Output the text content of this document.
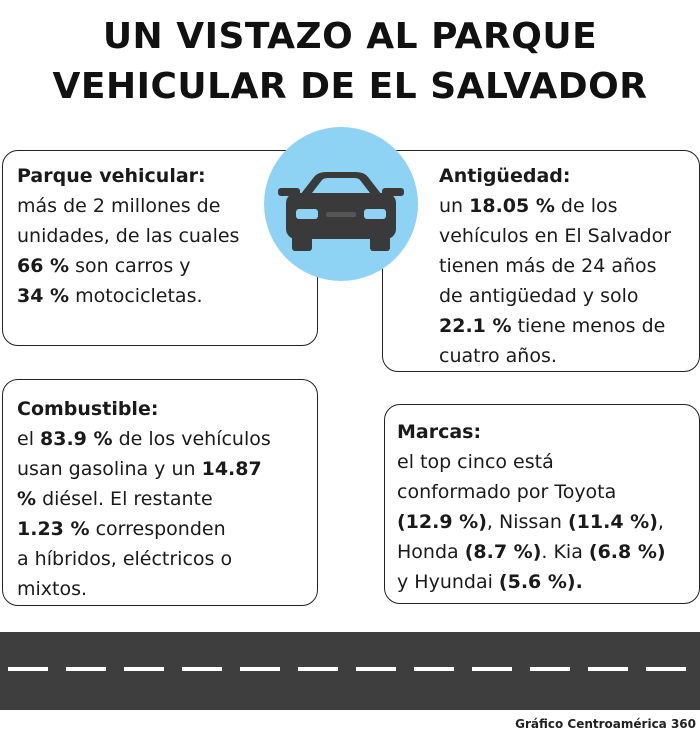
UN VISTAZO AL PARQUE
VEHICULAR DE EL SALVADOR
Parque vehicular:
más de 2 millones de
unidades, de las cuales
66 % son carros y
34 % motocicletas.
Antigüedad:
un 18.05 % de los
vehículos en El Salvador
tienen más de 24 años
de antigüedad y solo
22.1 % tiene menos de
cuatro años.
Combustible:
el 83.9 % de los vehículos
usan gasolina y un 14.87
% diésel. El restante
1.23 % corresponden
a híbridos, eléctricos o
mixtos.
Marcas:
el top cinco está
conformado por Toyota
(12.9 %), Nissan (11.4 %),
Honda (8.7 %). Kia (6.8 %)
y Hyundai (5.6 %).
Gráfico Centroamérica 360
